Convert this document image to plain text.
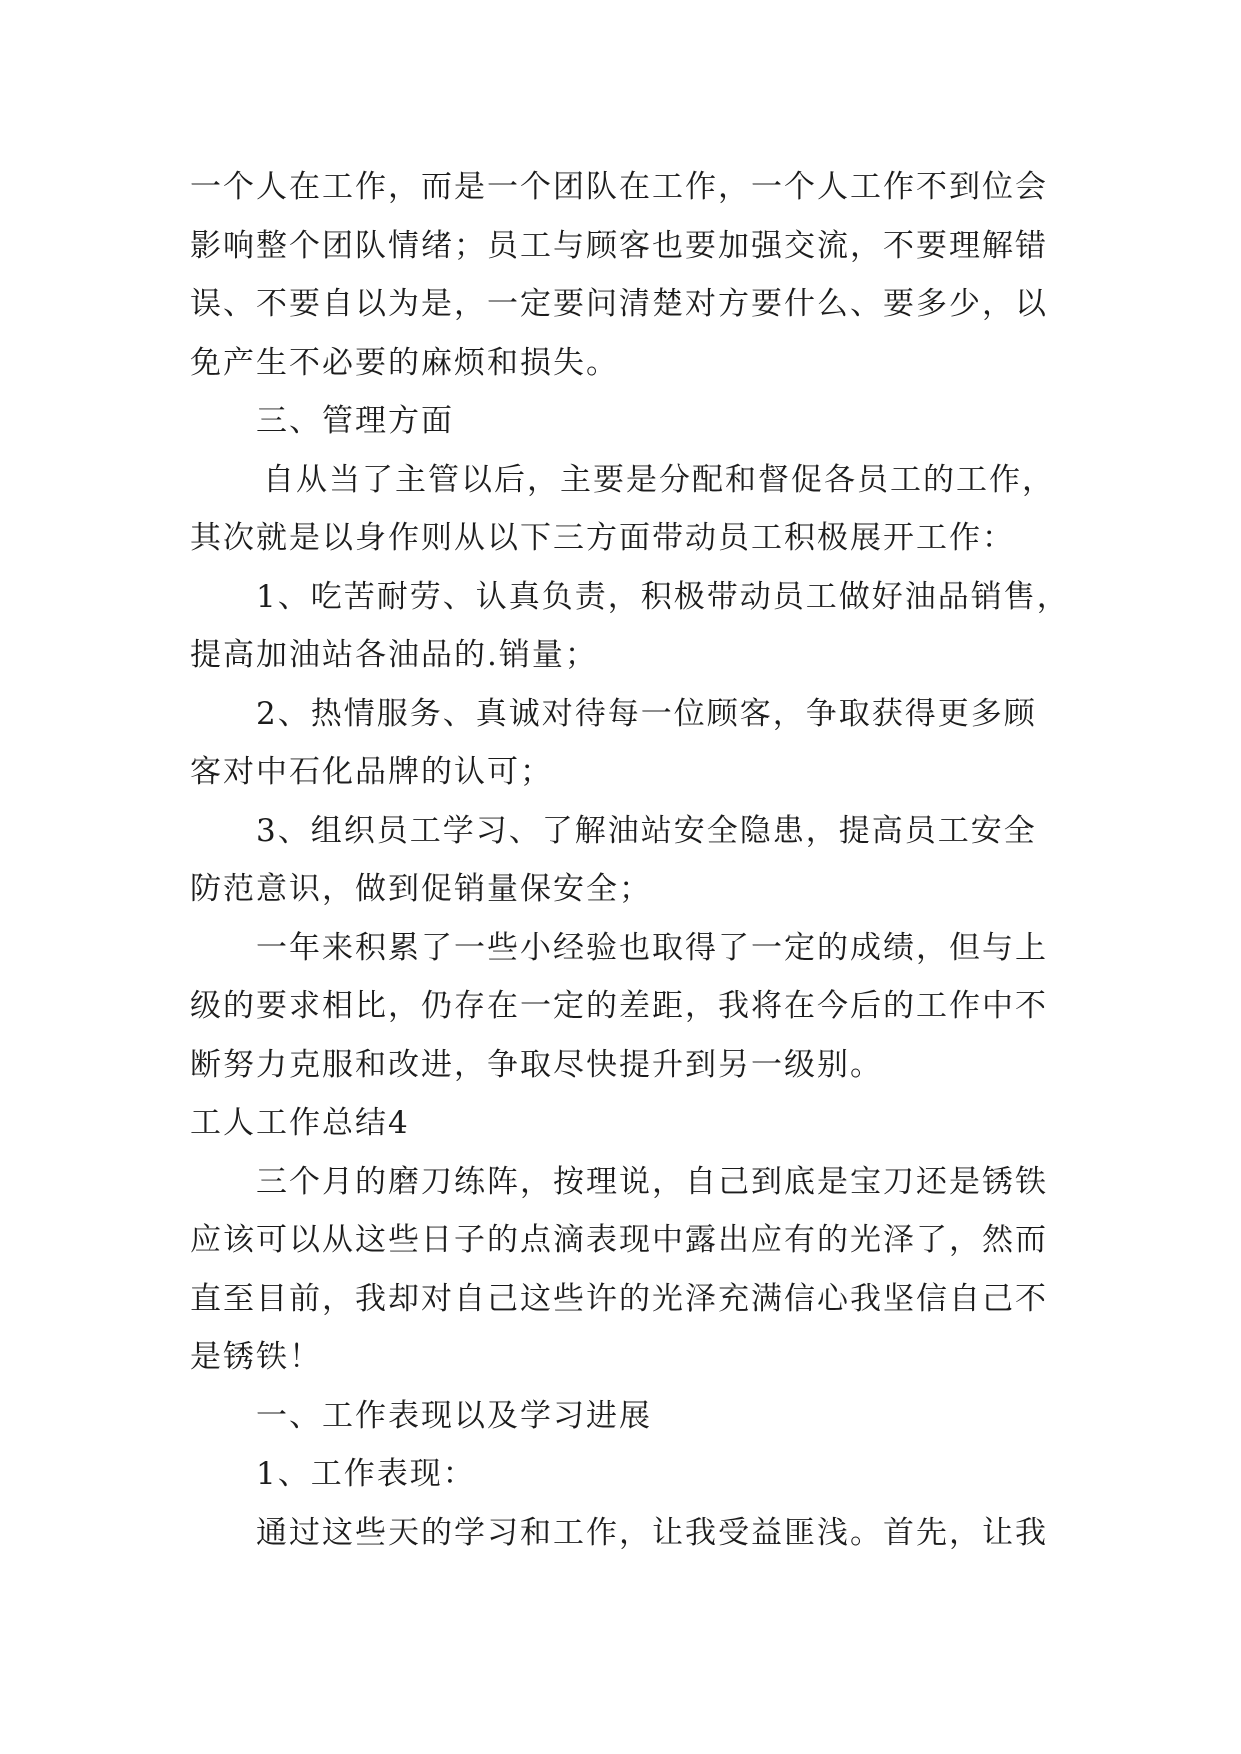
一个人在工作，而是一个团队在工作，一个人工作不到位会
影响整个团队情绪；员工与顾客也要加强交流，不要理解错
误、不要自以为是，一定要问清楚对方要什么、要多少，以
免产生不必要的麻烦和损失。
三、管理方面
自从当了主管以后，主要是分配和督促各员工的工作，
其次就是以身作则从以下三方面带动员工积极展开工作：
1、吃苦耐劳、认真负责，积极带动员工做好油品销售，
提高加油站各油品的.销量；
2、热情服务、真诚对待每一位顾客，争取获得更多顾
客对中石化品牌的认可；
3、组织员工学习、了解油站安全隐患，提高员工安全
防范意识，做到促销量保安全；
一年来积累了一些小经验也取得了一定的成绩，但与上
级的要求相比，仍存在一定的差距，我将在今后的工作中不
断努力克服和改进，争取尽快提升到另一级别。
工人工作总结4
三个月的磨刀练阵，按理说，自己到底是宝刀还是锈铁
应该可以从这些日子的点滴表现中露出应有的光泽了，然而
直至目前，我却对自己这些许的光泽充满信心我坚信自己不
是锈铁！
一、工作表现以及学习进展
1、工作表现：
通过这些天的学习和工作，让我受益匪浅。首先，让我
